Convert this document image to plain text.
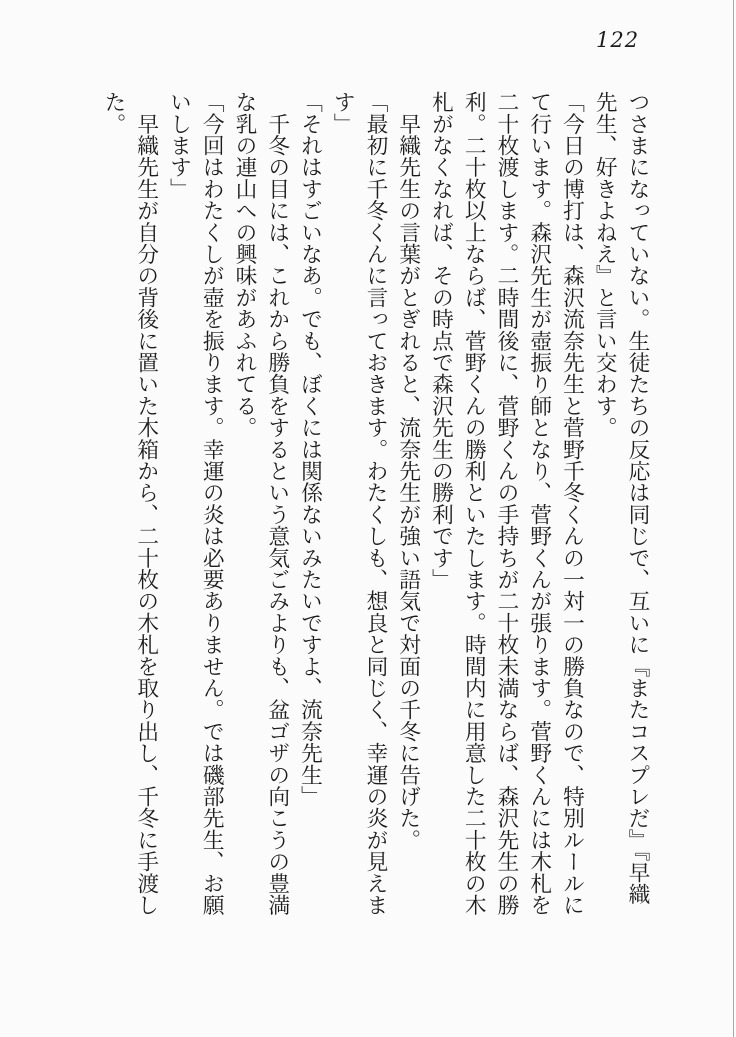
122
つさまになっていない。生徒たちの反応は同じで、互いに『またコスプレだ』『早織
先生、好きよねえ』と言い交わす。
「今日の博打は、森沢流奈先生と菅野千冬くんの一対一の勝負なので、特別ルールに
て行います。森沢先生が壺振り師となり、菅野くんが張ります。菅野くんには木札を
二十枚渡します。二時間後に、菅野くんの手持ちが二十枚未満ならば、森沢先生の勝
利。二十枚以上ならば、菅野くんの勝利といたします。時間内に用意した二十枚の木
札がなくなれば、その時点で森沢先生の勝利です」
　早織先生の言葉がとぎれると、流奈先生が強い語気で対面の千冬に告げた。
「最初に千冬くんに言っておきます。わたくしも、想良と同じく、幸運の炎が見えま
す」
「それはすごいなあ。でも、ぼくには関係ないみたいですよ、流奈先生」
　千冬の目には、これから勝負をするという意気ごみよりも、盆ゴザの向こうの豊満
な乳の連山への興味があふれてる。
「今回はわたくしが壺を振ります。幸運の炎は必要ありません。では磯部先生、お願
いします」
　早織先生が自分の背後に置いた木箱から、二十枚の木札を取り出し、千冬に手渡し
た。
